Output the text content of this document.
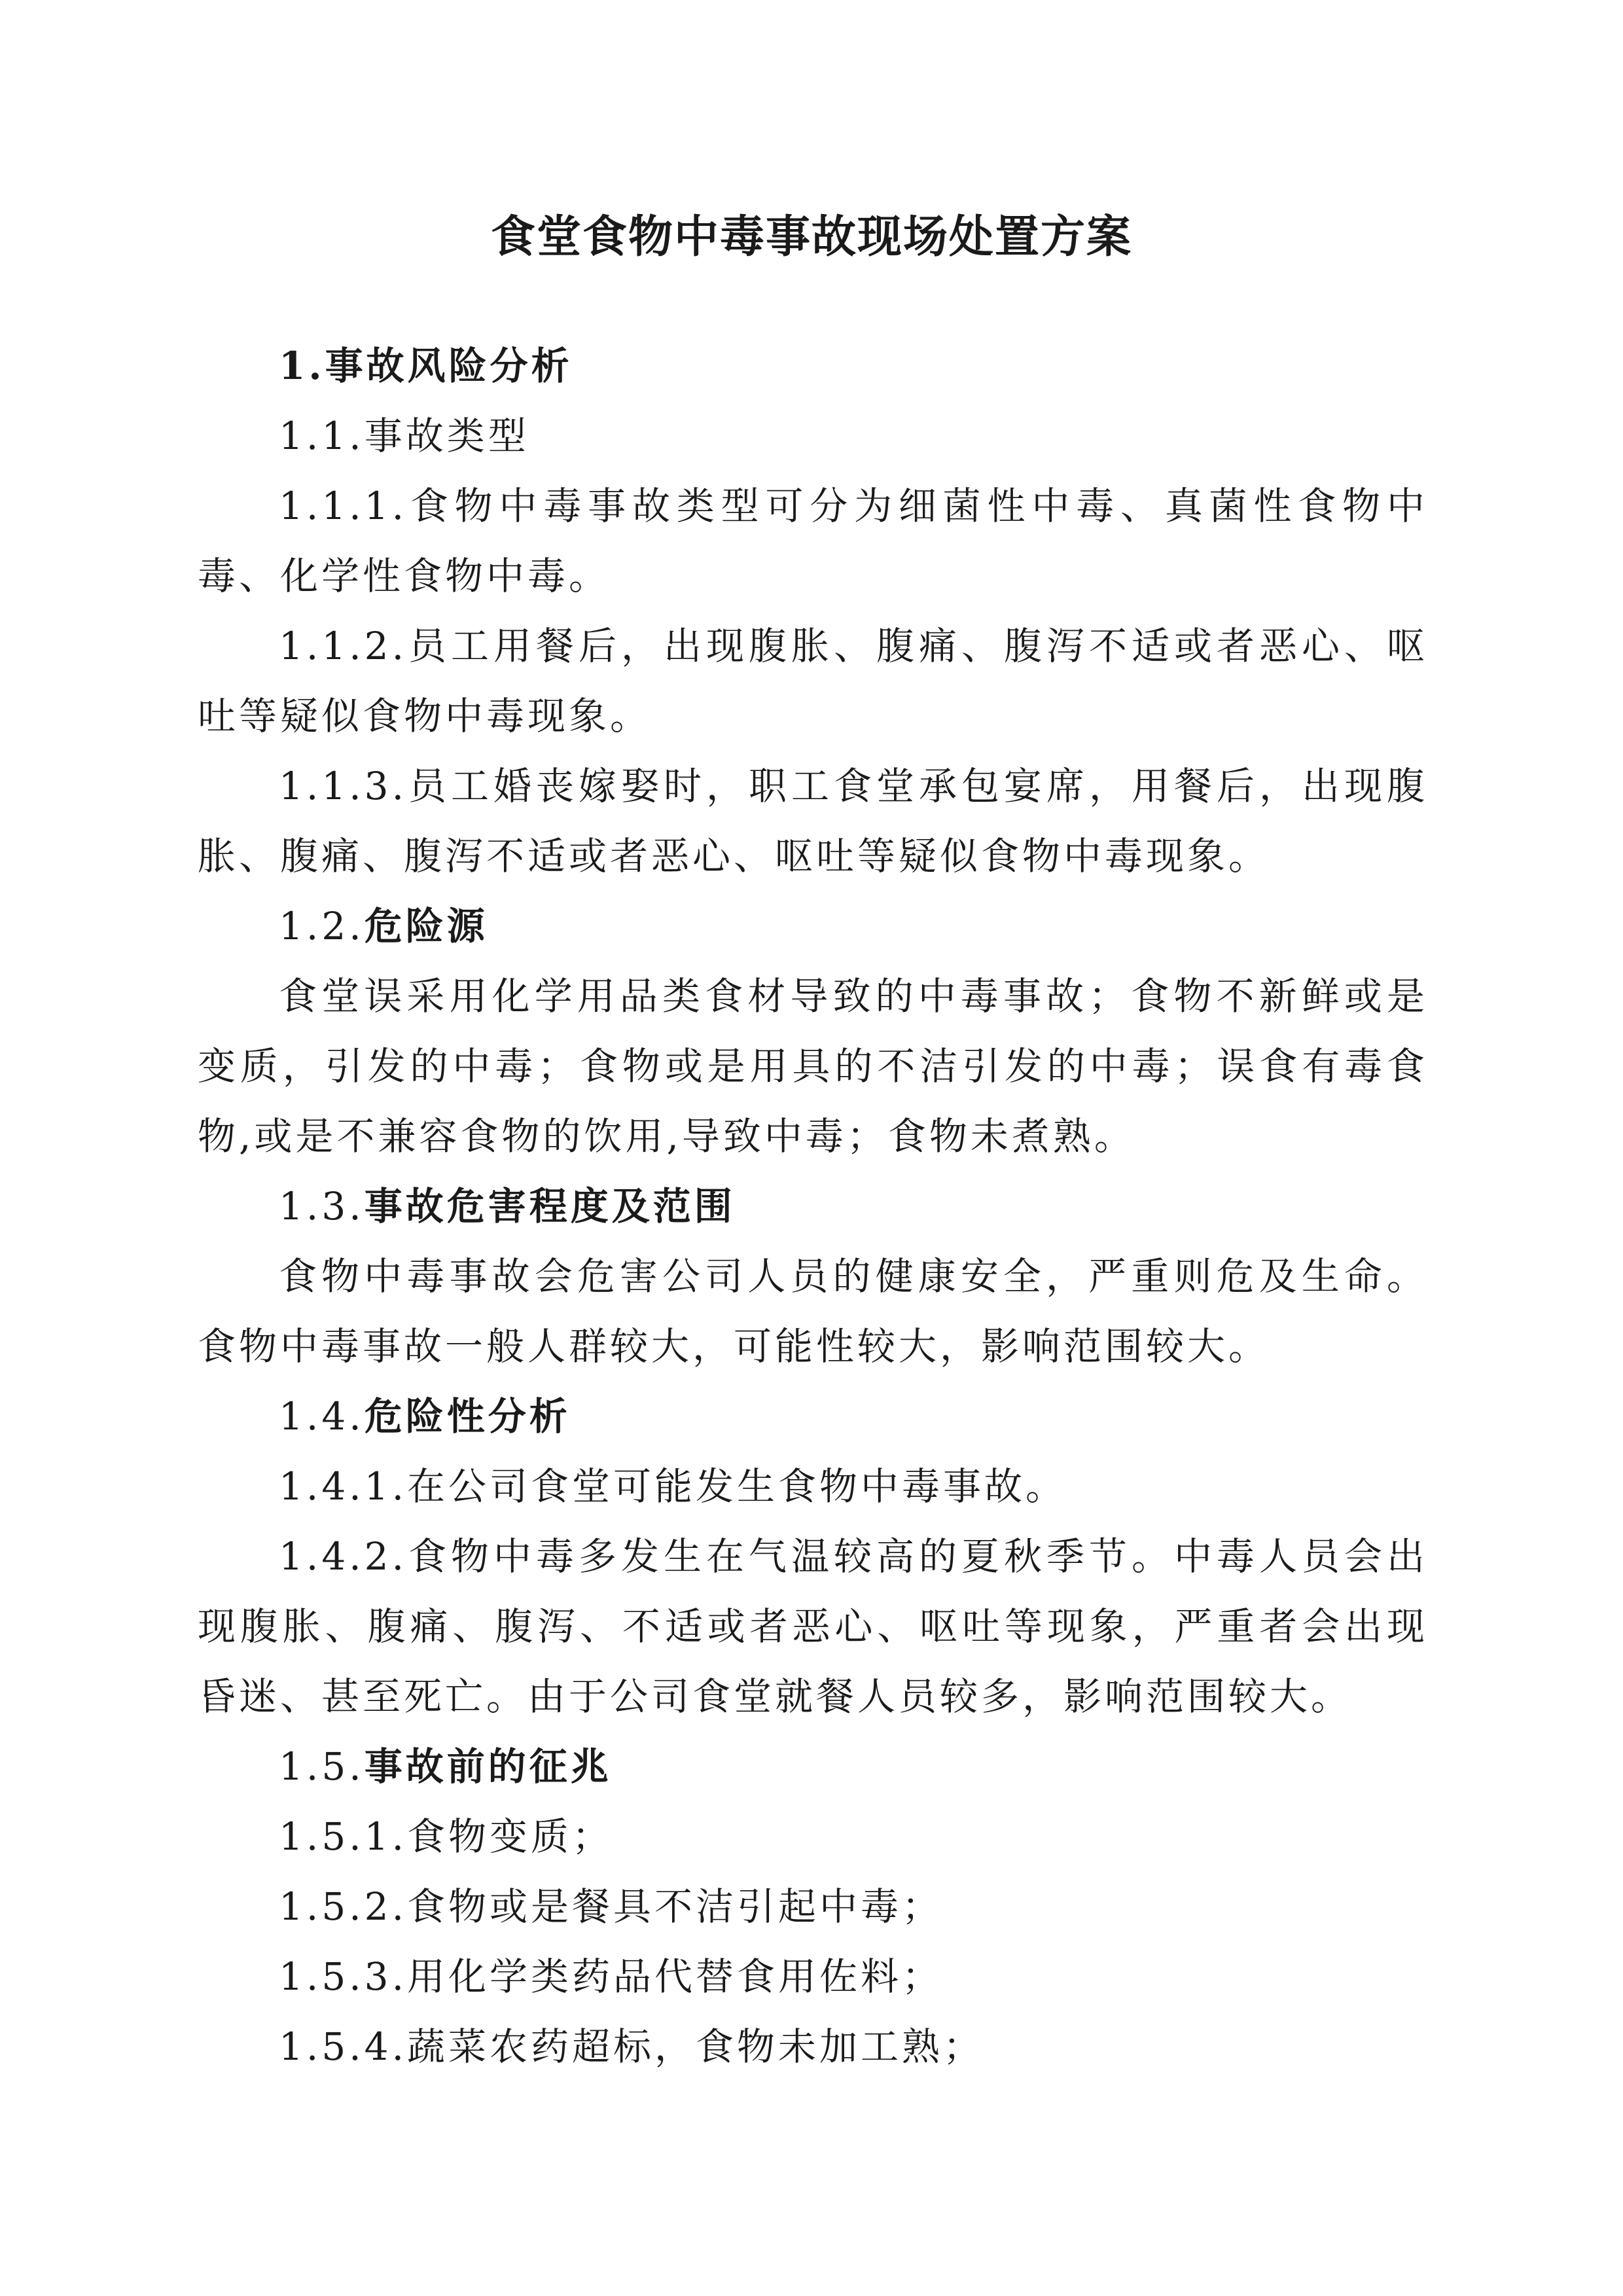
食堂食物中毒事故现场处置方案

1.事故风险分析

1.1.事故类型

1.1.1.食物中毒事故类型可分为细菌性中毒、真菌性食物中毒、化学性食物中毒。

1.1.2.员工用餐后，出现腹胀、腹痛、腹泻不适或者恶心、呕吐等疑似食物中毒现象。

1.1.3.员工婚丧嫁娶时，职工食堂承包宴席，用餐后，出现腹胀、腹痛、腹泻不适或者恶心、呕吐等疑似食物中毒现象。

1.2.危险源

食堂误采用化学用品类食材导致的中毒事故；食物不新鲜或是变质，引发的中毒；食物或是用具的不洁引发的中毒；误食有毒食物,或是不兼容食物的饮用,导致中毒；食物未煮熟。

1.3.事故危害程度及范围

食物中毒事故会危害公司人员的健康安全，严重则危及生命。食物中毒事故一般人群较大，可能性较大，影响范围较大。

1.4.危险性分析

1.4.1.在公司食堂可能发生食物中毒事故。

1.4.2.食物中毒多发生在气温较高的夏秋季节。中毒人员会出现腹胀、腹痛、腹泻、不适或者恶心、呕吐等现象，严重者会出现昏迷、甚至死亡。由于公司食堂就餐人员较多，影响范围较大。

1.5.事故前的征兆

1.5.1.食物变质；

1.5.2.食物或是餐具不洁引起中毒；

1.5.3.用化学类药品代替食用佐料；

1.5.4.蔬菜农药超标，食物未加工熟；
